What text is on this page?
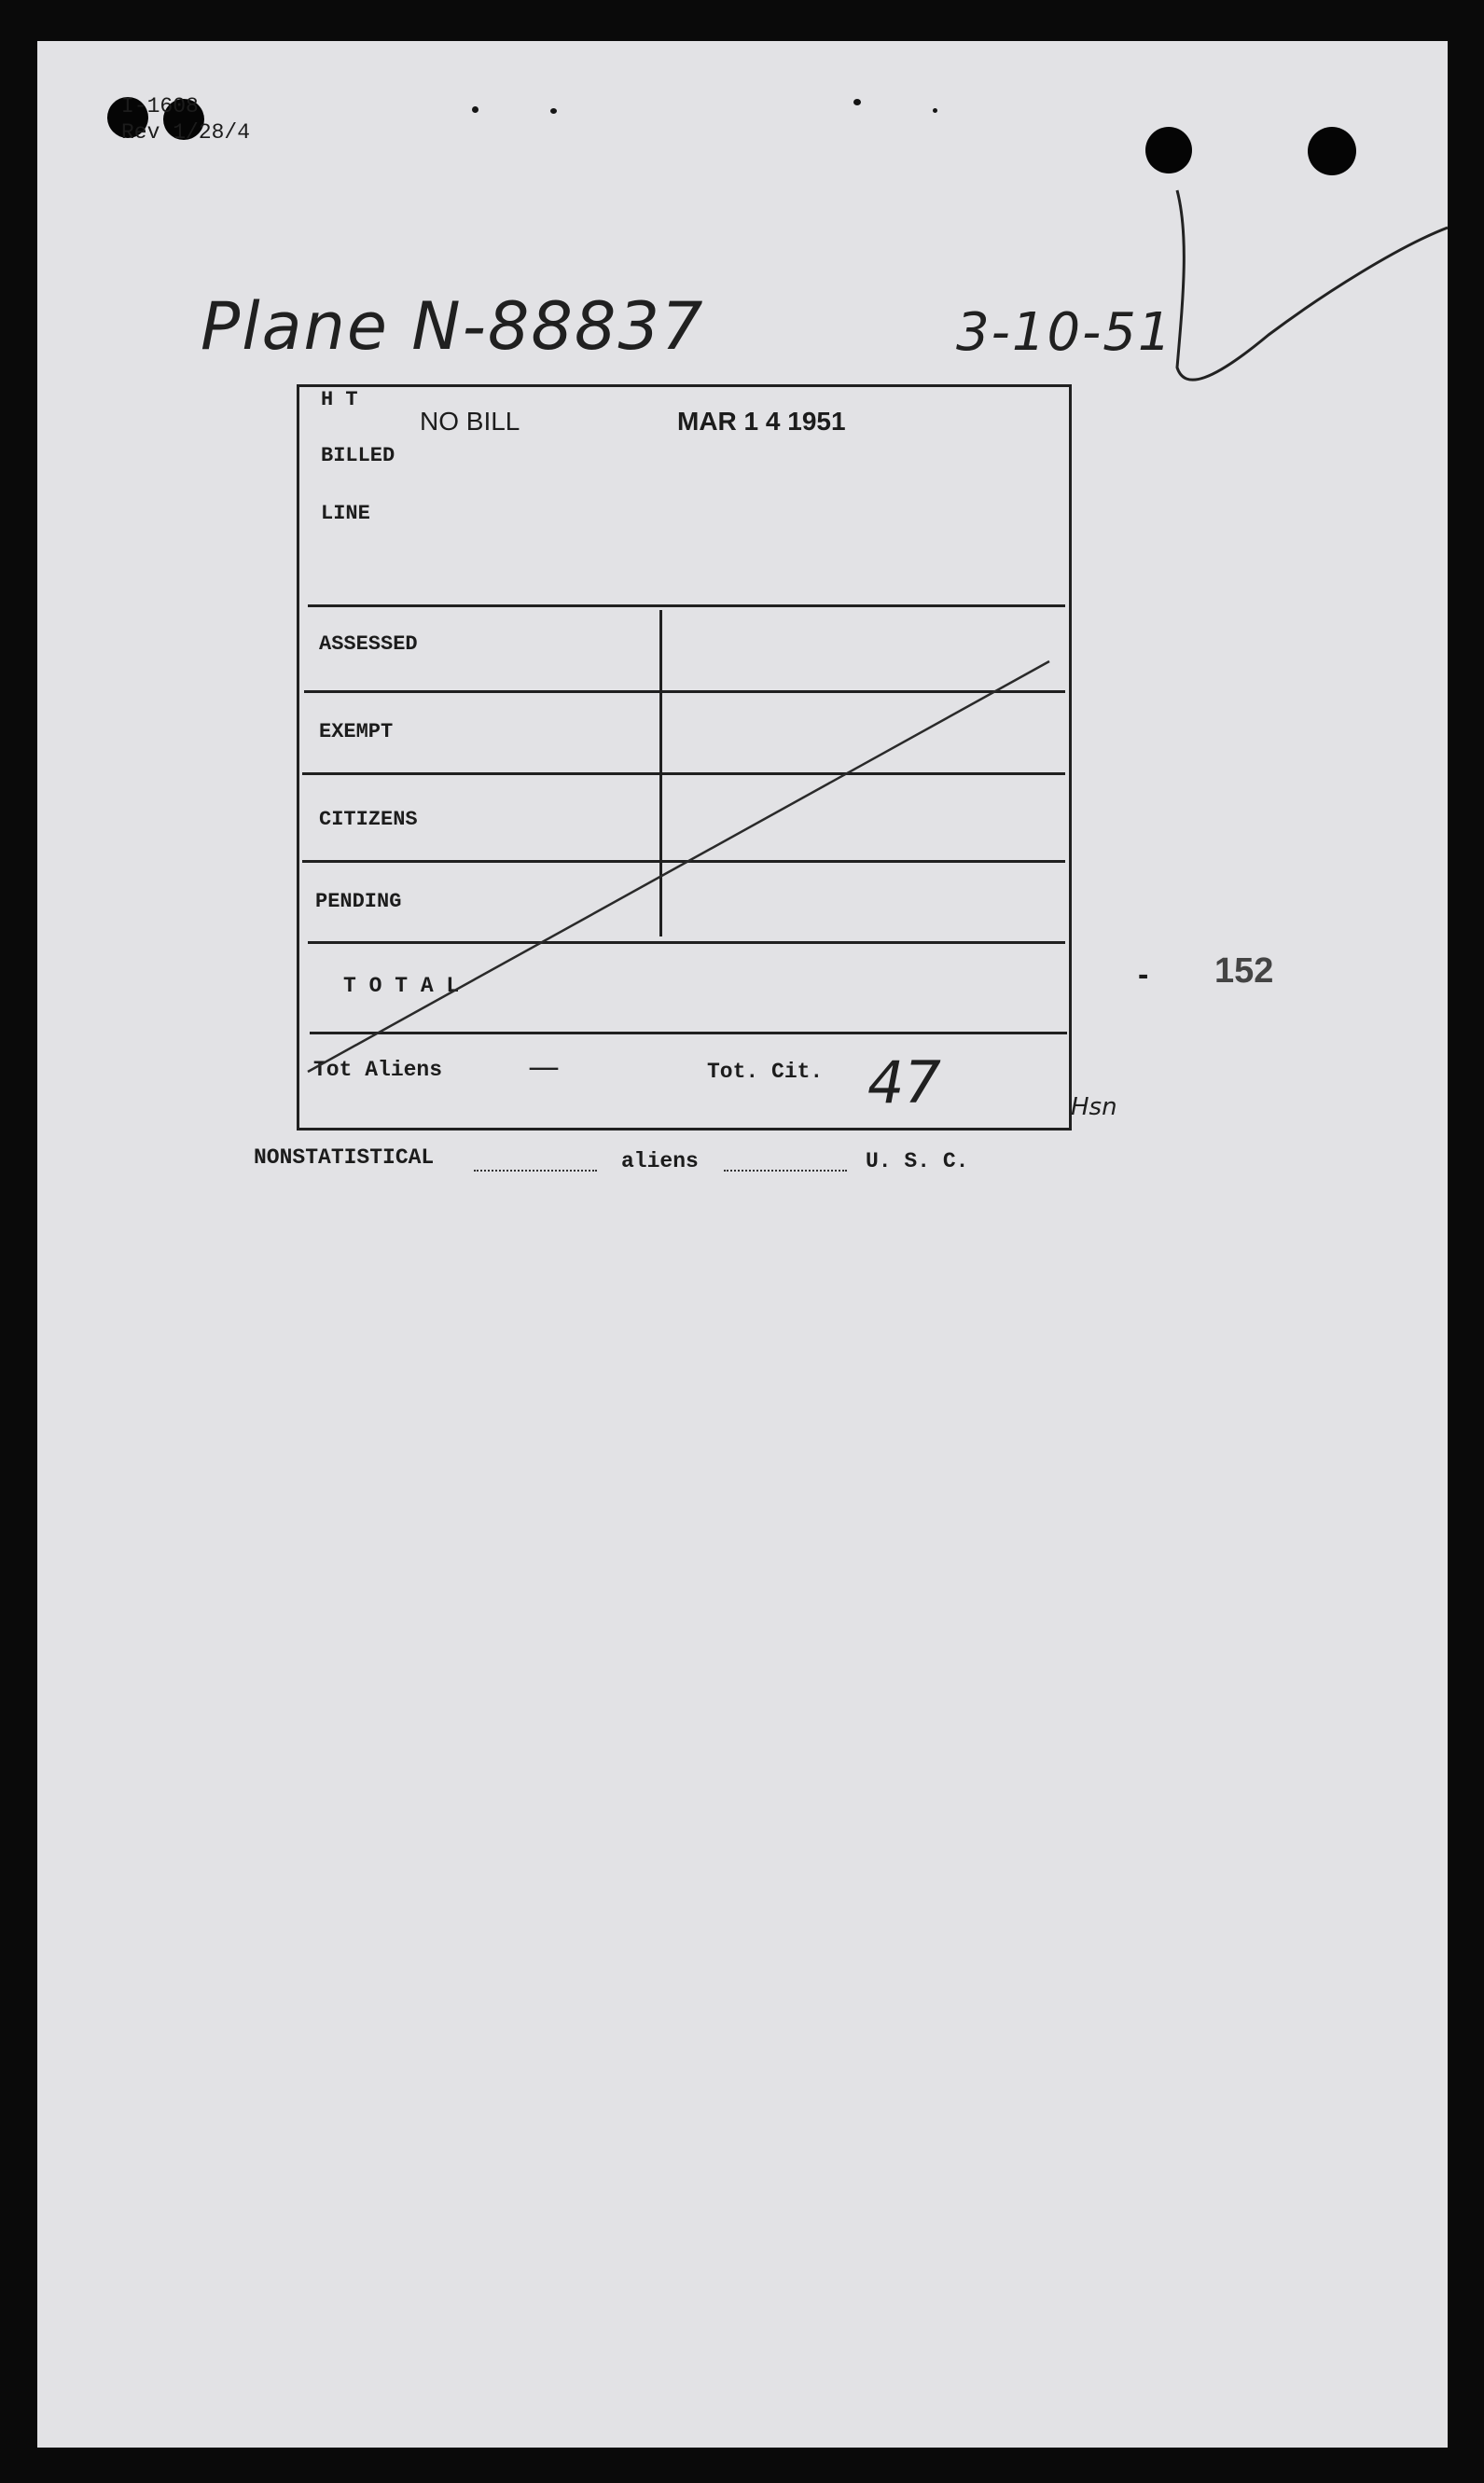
I-1608
Rev 1/28/4
Plane N-88837	3-10-51
H T
BILLED
LINE
NO BILL	MAR 1 4 1951
ASSESSED
EXEMPT
CITIZENS
PENDING
T O T A L
Tot Aliens	—	Tot. Cit. 47	Hsn
- 152
NONSTATISTICAL	aliens	U. S. C.
